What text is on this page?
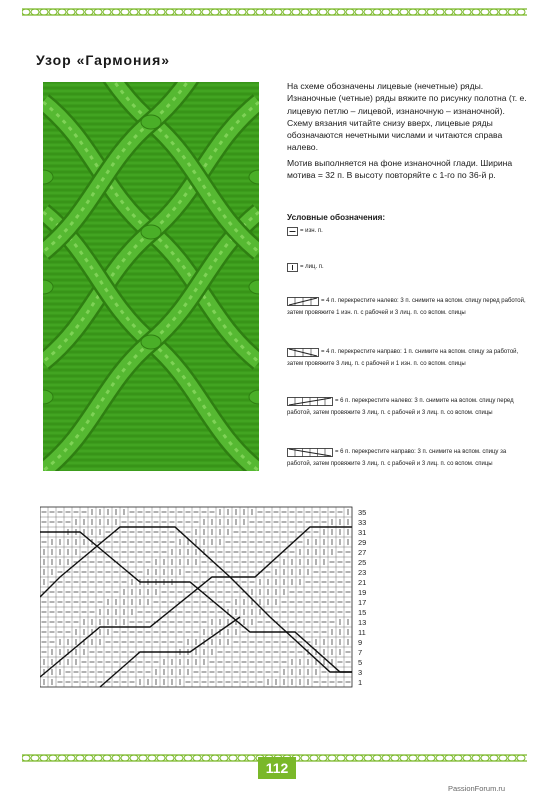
Узор «Гармония»

На схеме обозначены лицевые (нечетные) ряды. Изнаночные (четные) ряды вяжите по рисунку полотна (т. е. лицевую петлю – лицевой, изнаночную – изнаночной). Схему вязания читайте снизу вверх, лицевые ряды обозначаются нечетными числами и читаются справа налево.

Мотив выполняется на фоне изнаночной глади. Ширина мотива = 32 п. В высоту повторяйте с 1-го по 36-й р.

Условные обозначения:
= изн. п.
= лиц. п.
= 4 п. перекрестите налево: 3 п. снимите на вспом. спицу перед работой, затем провяжите 1 изн. п. с рабочей и 3 лиц. п. со вспом. спицы
= 4 п. перекрестите направо: 1 п. снимите на вспом. спицу за работой, затем провяжите 3 лиц. п. с рабочей и 1 изн. п. со вспом. спицы
= 6 п. перекрестите налево: 3 п. снимите на вспом. спицу перед работой, затем провяжите 3 лиц. п. с рабочей и 3 лиц. п. со вспом. спицы
= 6 п. перекрестите направо: 3 п. снимите на вспом. спицу за работой, затем провяжите 3 лиц. п. с рабочей и 3 лиц. п. со вспом. спицы
35
33
31
29
27
25
23
21
19
17
15
13
11
9
7
5
3
1
112
PassionForum.ru
